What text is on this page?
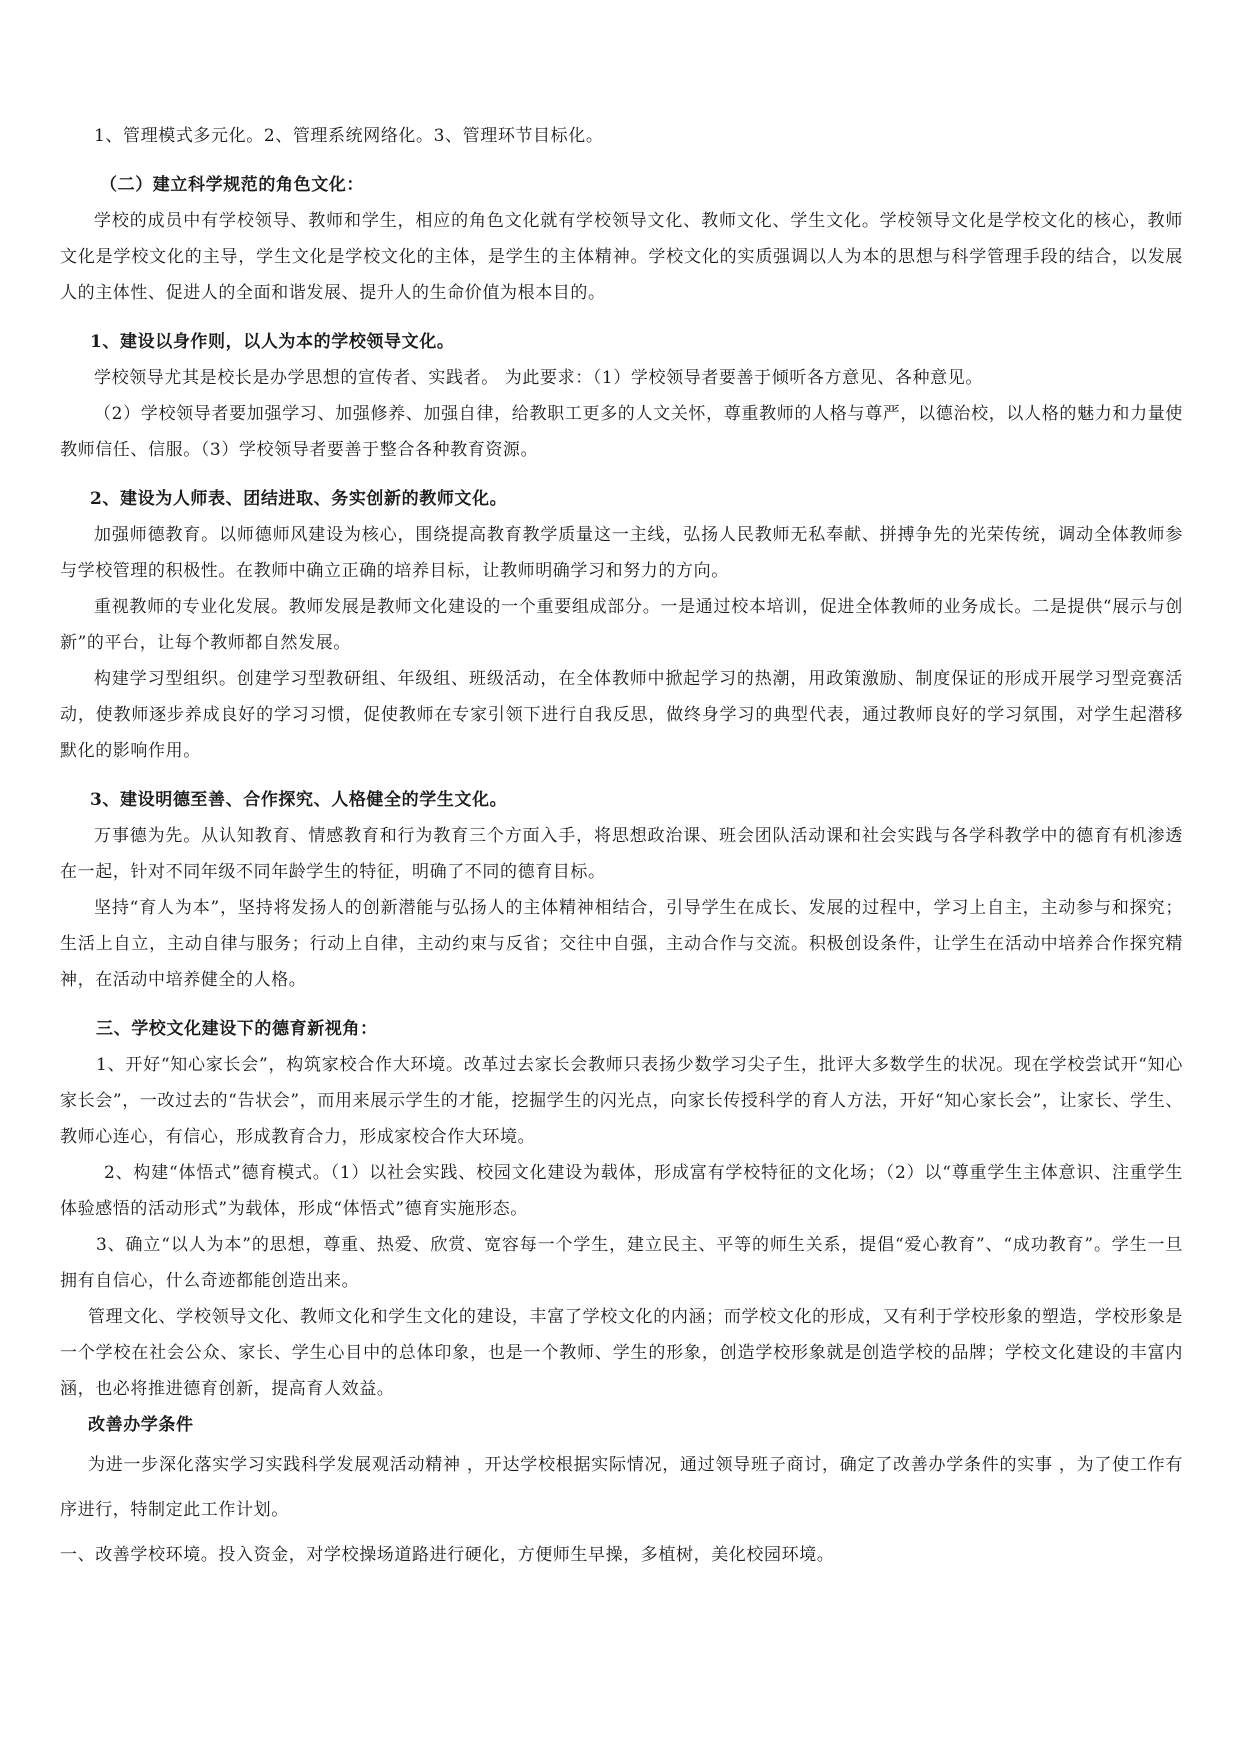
1、管理模式多元化。2、管理系统网络化。3、管理环节目标化。

（二）建立科学规范的角色文化：

学校的成员中有学校领导、教师和学生，相应的角色文化就有学校领导文化、教师文化、学生文化。学校领导文化是学校文化的核心，教师文化是学校文化的主导，学生文化是学校文化的主体，是学生的主体精神。学校文化的实质强调以人为本的思想与科学管理手段的结合，以发展人的主体性、促进人的全面和谐发展、提升人的生命价值为根本目的。

1、建设以身作则，以人为本的学校领导文化。

学校领导尤其是校长是办学思想的宣传者、实践者。 为此要求：（1）学校领导者要善于倾听各方意见、各种意见。

（2）学校领导者要加强学习、加强修养、加强自律，给教职工更多的人文关怀，尊重教师的人格与尊严，以德治校，以人格的魅力和力量使教师信任、信服。（3）学校领导者要善于整合各种教育资源。

2、建设为人师表、团结进取、务实创新的教师文化。

加强师德教育。以师德师风建设为核心，围绕提高教育教学质量这一主线，弘扬人民教师无私奉献、拼搏争先的光荣传统，调动全体教师参与学校管理的积极性。在教师中确立正确的培养目标，让教师明确学习和努力的方向。

重视教师的专业化发展。教师发展是教师文化建设的一个重要组成部分。一是通过校本培训，促进全体教师的业务成长。二是提供“展示与创新”的平台，让每个教师都自然发展。

构建学习型组织。创建学习型教研组、年级组、班级活动，在全体教师中掀起学习的热潮，用政策激励、制度保证的形成开展学习型竞赛活动，使教师逐步养成良好的学习习惯，促使教师在专家引领下进行自我反思，做终身学习的典型代表，通过教师良好的学习氛围，对学生起潜移默化的影响作用。

3、建设明德至善、合作探究、人格健全的学生文化。

万事德为先。从认知教育、情感教育和行为教育三个方面入手，将思想政治课、班会团队活动课和社会实践与各学科教学中的德育有机渗透在一起，针对不同年级不同年龄学生的特征，明确了不同的德育目标。

坚持“育人为本”，坚持将发扬人的创新潜能与弘扬人的主体精神相结合，引导学生在成长、发展的过程中，学习上自主，主动参与和探究；生活上自立，主动自律与服务；行动上自律，主动约束与反省；交往中自强，主动合作与交流。积极创设条件，让学生在活动中培养合作探究精神，在活动中培养健全的人格。

三、学校文化建设下的德育新视角：

1、开好“知心家长会”，构筑家校合作大环境。改革过去家长会教师只表扬少数学习尖子生，批评大多数学生的状况。现在学校尝试开“知心家长会”，一改过去的“告状会”，而用来展示学生的才能，挖掘学生的闪光点，向家长传授科学的育人方法，开好“知心家长会”，让家长、学生、教师心连心，有信心，形成教育合力，形成家校合作大环境。

2、构建“体悟式”德育模式。（1）以社会实践、校园文化建设为载体，形成富有学校特征的文化场；（2）以“尊重学生主体意识、注重学生体验感悟的活动形式”为载体，形成“体悟式”德育实施形态。

3、确立“以人为本”的思想，尊重、热爱、欣赏、宽容每一个学生，建立民主、平等的师生关系，提倡“爱心教育”、“成功教育”。学生一旦拥有自信心，什么奇迹都能创造出来。

管理文化、学校领导文化、教师文化和学生文化的建设，丰富了学校文化的内涵；而学校文化的形成，又有利于学校形象的塑造，学校形象是一个学校在社会公众、家长、学生心目中的总体印象，也是一个教师、学生的形象，创造学校形象就是创造学校的品牌；学校文化建设的丰富内涵，也必将推进德育创新，提高育人效益。

改善办学条件

为进一步深化落实学习实践科学发展观活动精神 ，开达学校根据实际情况，通过领导班子商讨，确定了改善办学条件的实事 ，为了使工作有序进行，特制定此工作计划。

一、改善学校环境。投入资金，对学校操场道路进行硬化，方便师生早操，多植树，美化校园环境。
